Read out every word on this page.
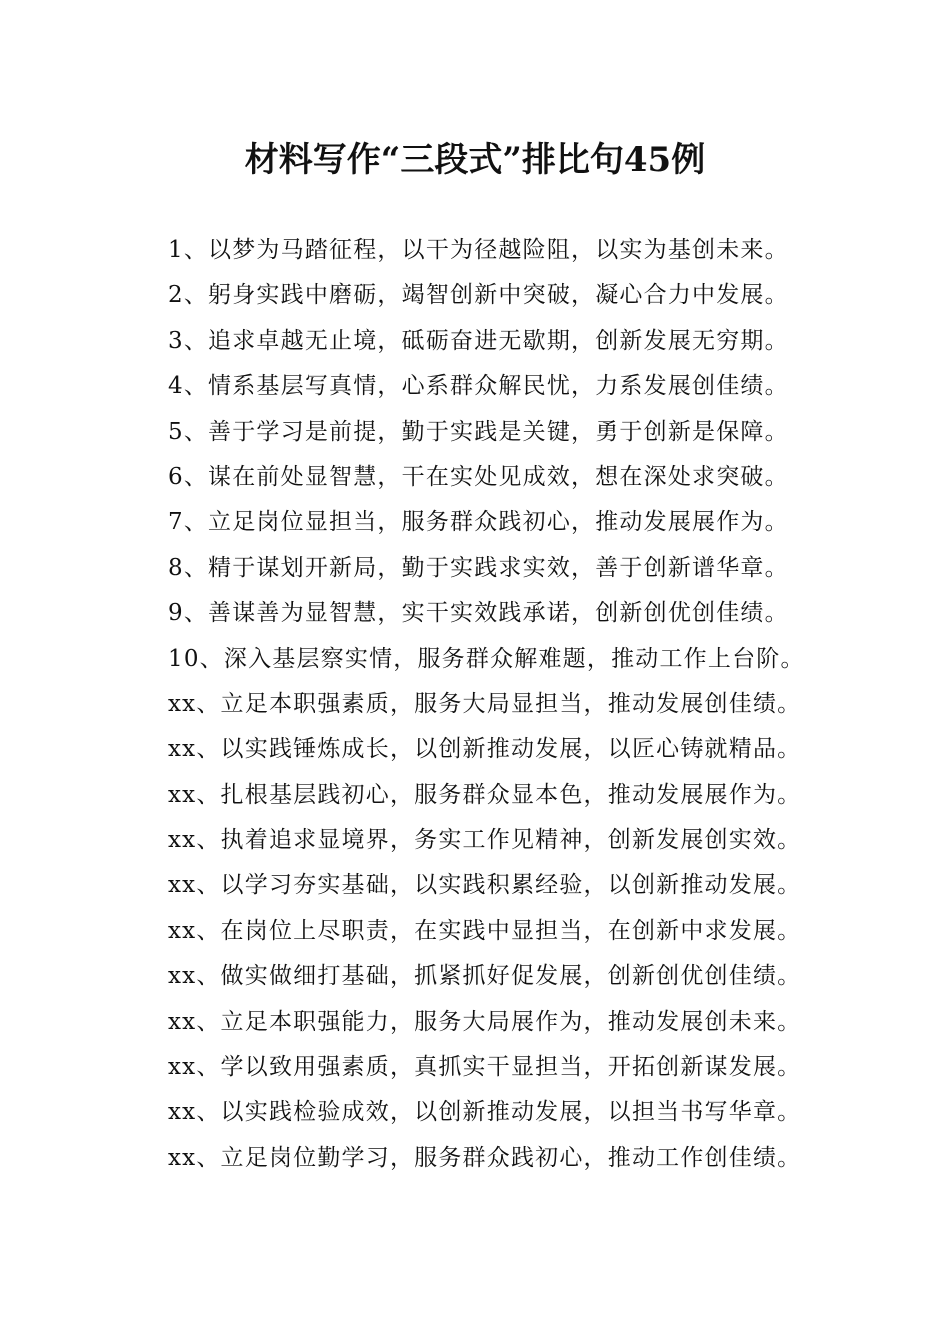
材料写作“三段式”排比句45例
1、以梦为马踏征程，以干为径越险阻，以实为基创未来。
2、躬身实践中磨砺，竭智创新中突破，凝心合力中发展。
3、追求卓越无止境，砥砺奋进无歇期，创新发展无穷期。
4、情系基层写真情，心系群众解民忧，力系发展创佳绩。
5、善于学习是前提，勤于实践是关键，勇于创新是保障。
6、谋在前处显智慧，干在实处见成效，想在深处求突破。
7、立足岗位显担当，服务群众践初心，推动发展展作为。
8、精于谋划开新局，勤于实践求实效，善于创新谱华章。
9、善谋善为显智慧，实干实效践承诺，创新创优创佳绩。
10、深入基层察实情，服务群众解难题，推动工作上台阶。
xx、立足本职强素质，服务大局显担当，推动发展创佳绩。
xx、以实践锤炼成长，以创新推动发展，以匠心铸就精品。
xx、扎根基层践初心，服务群众显本色，推动发展展作为。
xx、执着追求显境界，务实工作见精神，创新发展创实效。
xx、以学习夯实基础，以实践积累经验，以创新推动发展。
xx、在岗位上尽职责，在实践中显担当，在创新中求发展。
xx、做实做细打基础，抓紧抓好促发展，创新创优创佳绩。
xx、立足本职强能力，服务大局展作为，推动发展创未来。
xx、学以致用强素质，真抓实干显担当，开拓创新谋发展。
xx、以实践检验成效，以创新推动发展，以担当书写华章。
xx、立足岗位勤学习，服务群众践初心，推动工作创佳绩。
